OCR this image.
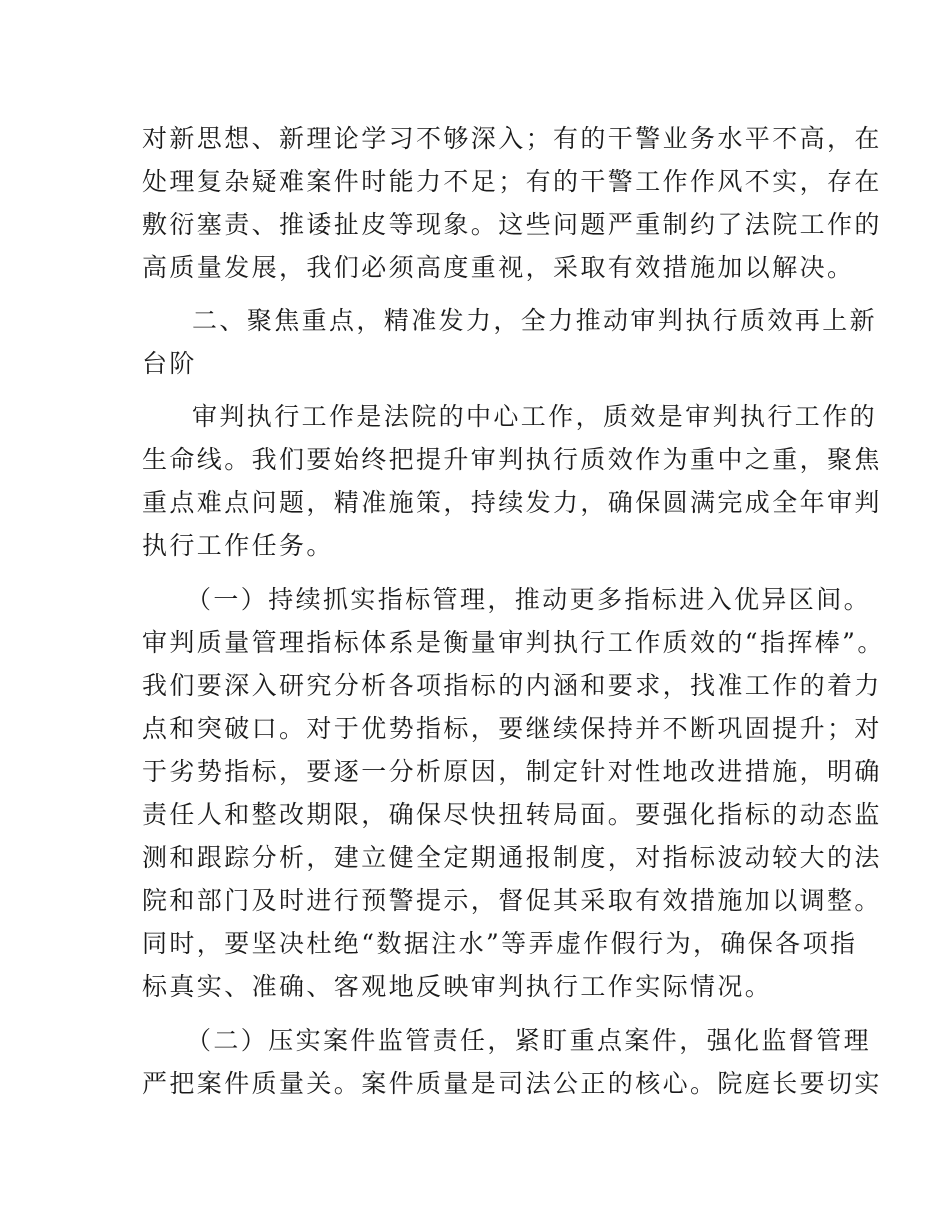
对新思想、新理论学习不够深入；有的干警业务水平不高，在
处理复杂疑难案件时能力不足；有的干警工作作风不实，存在
敷衍塞责、推诿扯皮等现象。这些问题严重制约了法院工作的
高质量发展，我们必须高度重视，采取有效措施加以解决。
二、聚焦重点，精准发力，全力推动审判执行质效再上新
台阶
审判执行工作是法院的中心工作，质效是审判执行工作的
生命线。我们要始终把提升审判执行质效作为重中之重，聚焦
重点难点问题，精准施策，持续发力，确保圆满完成全年审判
执行工作任务。
（一）持续抓实指标管理，推动更多指标进入优异区间。
审判质量管理指标体系是衡量审判执行工作质效的“指挥棒”。
我们要深入研究分析各项指标的内涵和要求，找准工作的着力
点和突破口。对于优势指标，要继续保持并不断巩固提升；对
于劣势指标，要逐一分析原因，制定针对性地改进措施，明确
责任人和整改期限，确保尽快扭转局面。要强化指标的动态监
测和跟踪分析，建立健全定期通报制度，对指标波动较大的法
院和部门及时进行预警提示，督促其采取有效措施加以调整。
同时，要坚决杜绝“数据注水”等弄虚作假行为，确保各项指
标真实、准确、客观地反映审判执行工作实际情况。
（二）压实案件监管责任，紧盯重点案件，强化监督管理
严把案件质量关。案件质量是司法公正的核心。院庭长要切实
